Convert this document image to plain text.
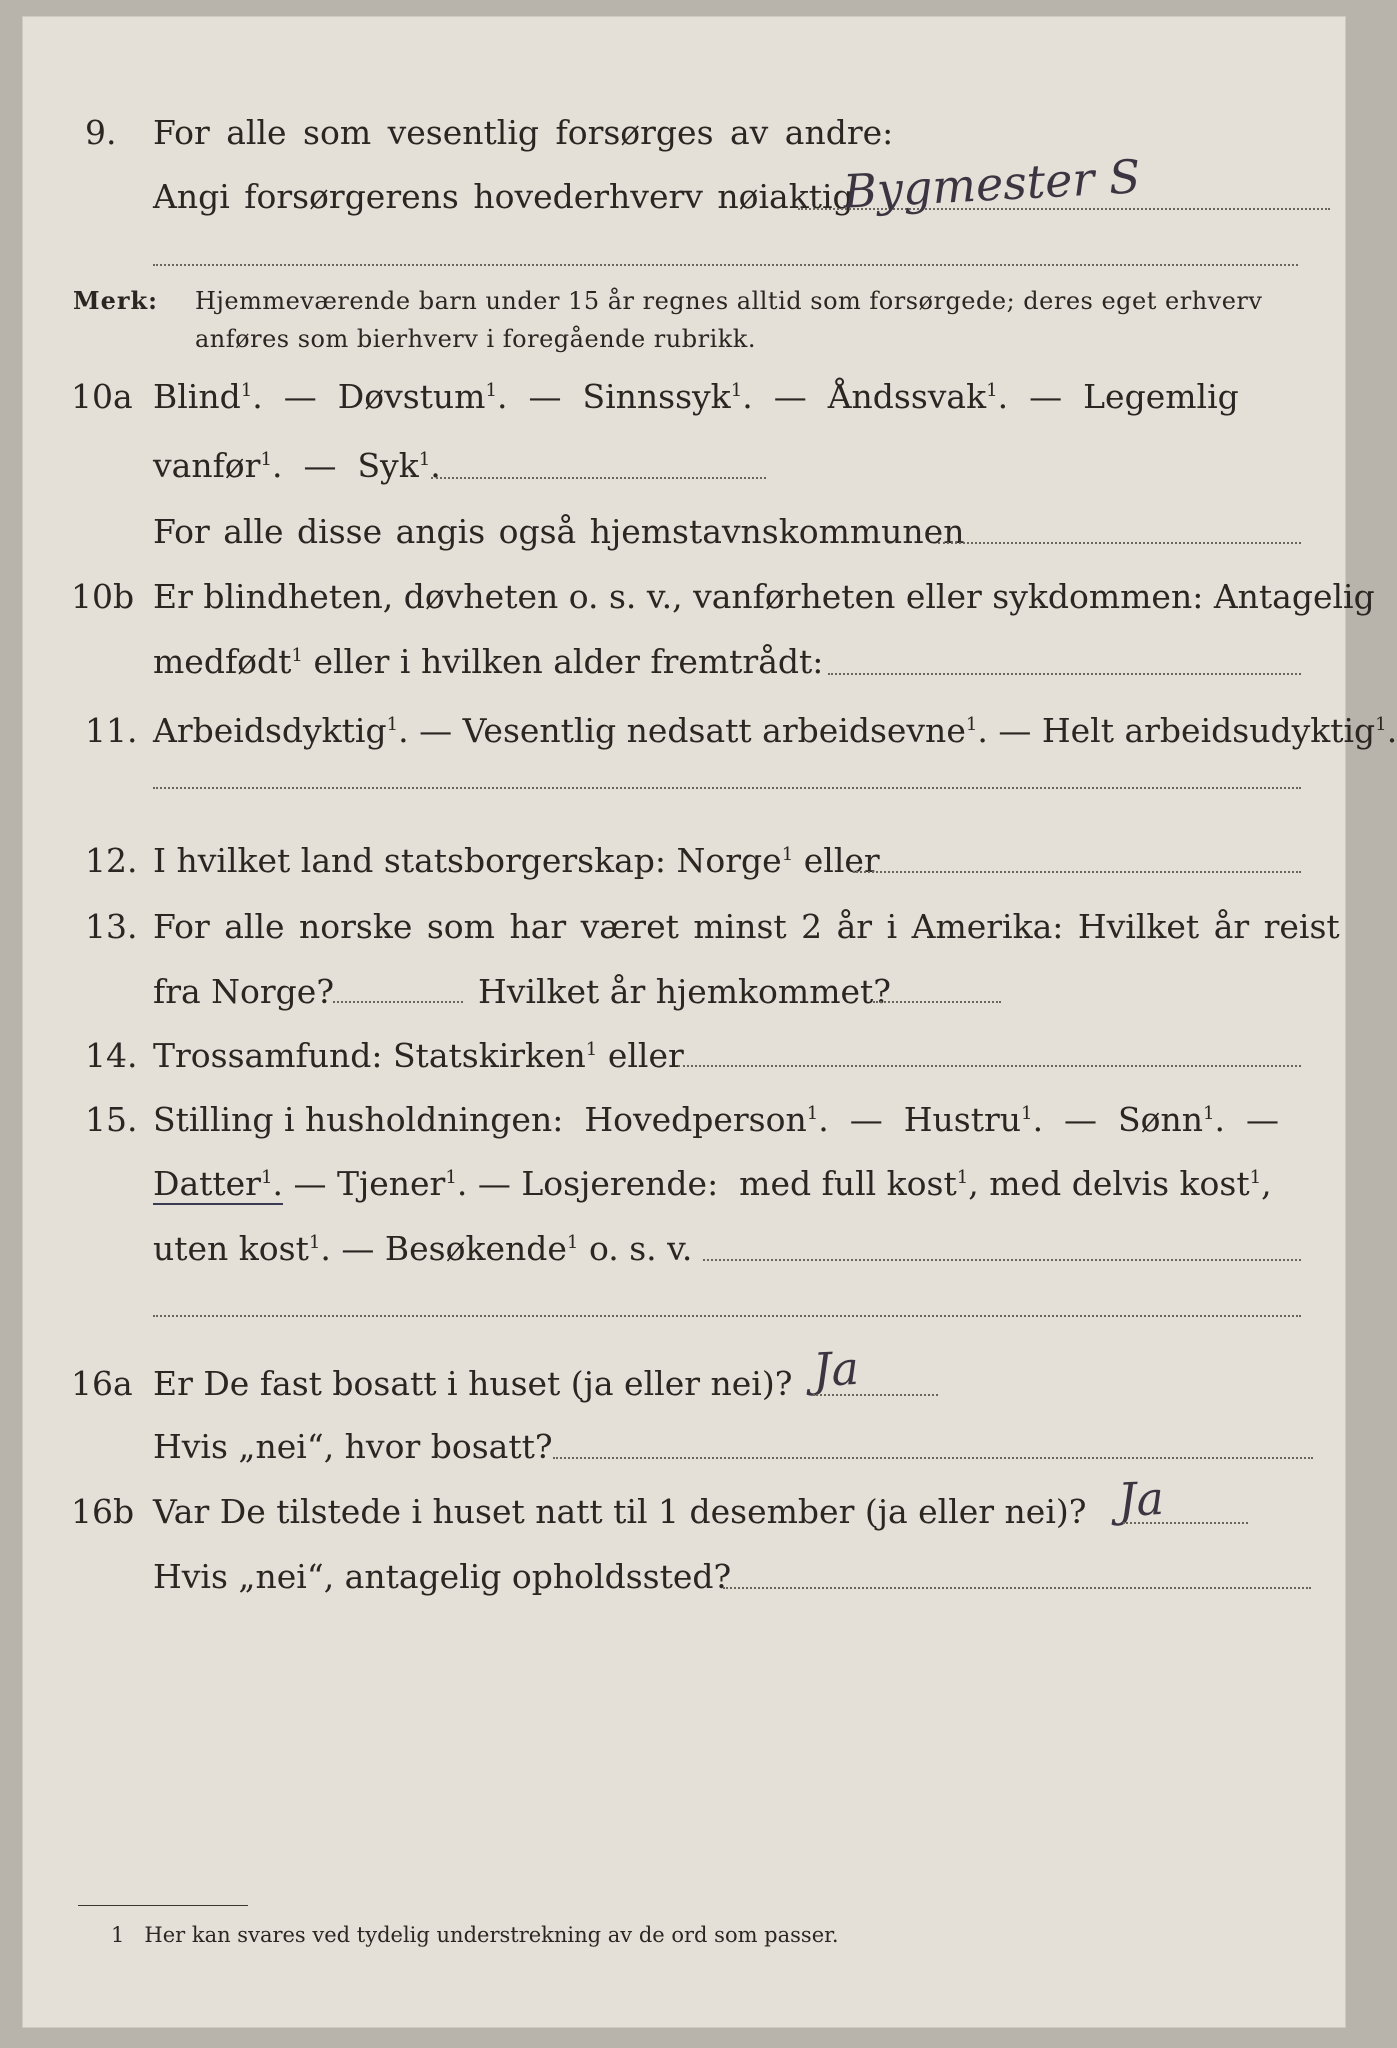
9. For alle som vesentlig forsørges av andre:
Angi forsørgerens hovederhverv nøiaktig
Bygmester S
Merk: Hjemmeværende barn under 15 år regnes alltid som forsørgede; deres eget erhverv
anføres som bierhverv i foregående rubrikk.
10a Blind$^1$.  — Døvstum$^1$.  — Sinnssyk$^1$.  — Åndssvak$^1$.  — Legemlig
vanfør$^1$.  — Syk$^1$.
For alle disse angis også hjemstavnskommunen
10b Er blindheten, døvheten o. s. v., vanførheten eller sykdommen: Antagelig
medfødt$^1$ eller i hvilken alder fremtrådt:
11. Arbeidsdyktig$^1$. — Vesentlig nedsatt arbeidsevne$^1$. — Helt arbeidsudyktig$^1$.
12. I hvilket land statsborgerskap: Norge$^1$ eller
13. For alle norske som har været minst 2 år i Amerika: Hvilket år reist
fra Norge?	Hvilket år hjemkommet?
14. Trossamfund: Statskirken$^1$ eller
15. Stilling i husholdningen: Hovedperson$^1$.  —  Hustru$^1$.  —  Sønn$^1$.  —
Datter$^1$. — Tjener$^1$. — Losjerende: med full kost$^1$, med delvis kost$^1$,
uten kost$^1$. — Besøkende$^1$ o. s. v.
16a Er De fast bosatt i huset (ja eller nei)? Ja
Hvis „nei“, hvor bosatt?
16b Var De tilstede i huset natt til 1 desember (ja eller nei)? Ja
Hvis „nei“, antagelig opholdssted?
1 Her kan svares ved tydelig understrekning av de ord som passer.
